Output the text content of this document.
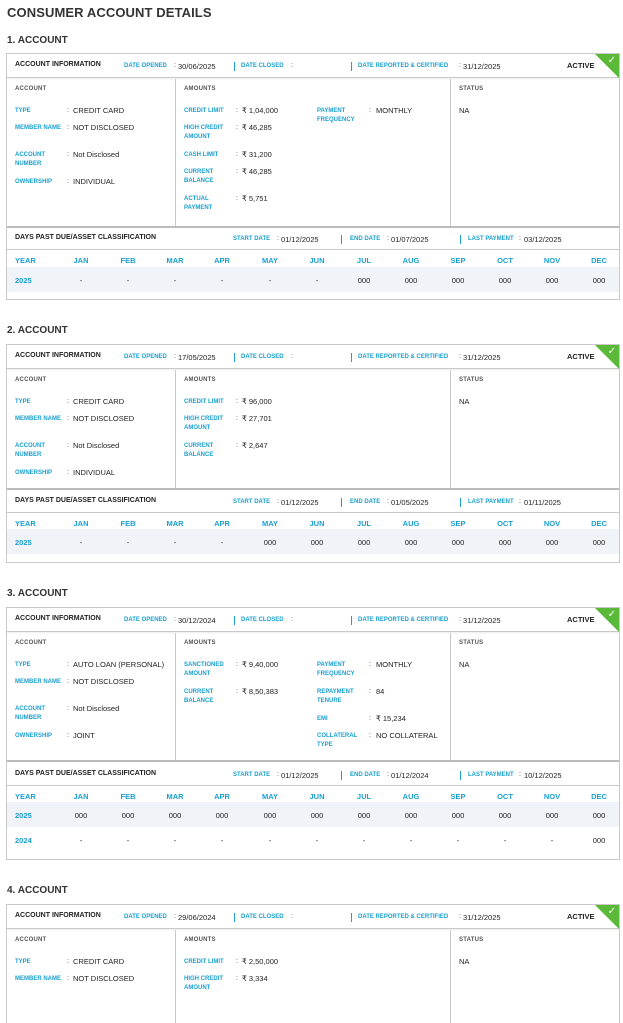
CONSUMER ACCOUNT DETAILS
1. ACCOUNT
ACCOUNT INFORMATION	DATE OPENED : 30/06/2025	DATE CLOSED :	DATE REPORTED & CERTIFIED : 31/12/2025	ACTIVE ✓
ACCOUNT	AMOUNTS	STATUS
TYPE	: CREDIT CARD
MEMBER NAME : NOT DISCLOSED
ACCOUNT NUMBER
: Not Disclosed
OWNERSHIP	: INDIVIDUAL
CREDIT LIMIT	: ₹ 1,04,000
HIGH CREDIT AMOUNT
: ₹ 46,285
CASH LIMIT	: ₹ 31,200
CURRENT BALANCE
: ₹ 46,285
ACTUAL PAYMENT
: ₹ 5,751
PAYMENT FREQUENCY
: MONTHLY	NA
DAYS PAST DUE/ASSET CLASSIFICATION	START DATE : 01/12/2025	END DATE : 01/07/2025	LAST PAYMENT : 03/12/2025
YEAR	JAN	FEB	MAR	APR	MAY	JUN	JUL	AUG	SEP	OCT	NOV	DEC
2025	-	-	-	-	-	-	000	000	000	000	000	000
2. ACCOUNT
ACCOUNT INFORMATION	DATE OPENED : 17/05/2025	DATE CLOSED :	DATE REPORTED & CERTIFIED : 31/12/2025	ACTIVE ✓
ACCOUNT	AMOUNTS	STATUS
TYPE	: CREDIT CARD
MEMBER NAME : NOT DISCLOSED
ACCOUNT NUMBER
: Not Disclosed
OWNERSHIP	: INDIVIDUAL
CREDIT LIMIT	: ₹ 96,000
HIGH CREDIT AMOUNT
: ₹ 27,701
CURRENT BALANCE
: ₹ 2,647
NA
DAYS PAST DUE/ASSET CLASSIFICATION	START DATE : 01/12/2025	END DATE : 01/05/2025	LAST PAYMENT : 01/11/2025
YEAR	JAN	FEB	MAR	APR	MAY	JUN	JUL	AUG	SEP	OCT	NOV	DEC
2025	-	-	-	-	000	000	000	000	000	000	000	000
3. ACCOUNT
ACCOUNT INFORMATION	DATE OPENED : 30/12/2024	DATE CLOSED :	DATE REPORTED & CERTIFIED : 31/12/2025	ACTIVE ✓
ACCOUNT	AMOUNTS	STATUS
TYPE	: AUTO LOAN (PERSONAL)
MEMBER NAME : NOT DISCLOSED
ACCOUNT NUMBER
: Not Disclosed
OWNERSHIP	: JOINT
SANCTIONED AMOUNT
: ₹ 9,40,000
CURRENT BALANCE
: ₹ 8,50,383
PAYMENT FREQUENCY
: MONTHLY
REPAYMENT TENURE
: 84
EMI	: ₹ 15,234
COLLATERAL TYPE
: NO COLLATERAL
NA
DAYS PAST DUE/ASSET CLASSIFICATION	START DATE : 01/12/2025	END DATE : 01/12/2024	LAST PAYMENT : 10/12/2025
YEAR	JAN	FEB	MAR	APR	MAY	JUN	JUL	AUG	SEP	OCT	NOV	DEC
2025	000	000	000	000	000	000	000	000	000	000	000	000
2024	-	-	-	-	-	-	-	-	-	-	-	000
4. ACCOUNT
ACCOUNT INFORMATION	DATE OPENED : 29/06/2024	DATE CLOSED :	DATE REPORTED & CERTIFIED : 31/12/2025	ACTIVE ✓
ACCOUNT	AMOUNTS	STATUS
TYPE	: CREDIT CARD
MEMBER NAME : NOT DISCLOSED
CREDIT LIMIT	: ₹ 2,50,000
HIGH CREDIT AMOUNT
: ₹ 3,334
NA
